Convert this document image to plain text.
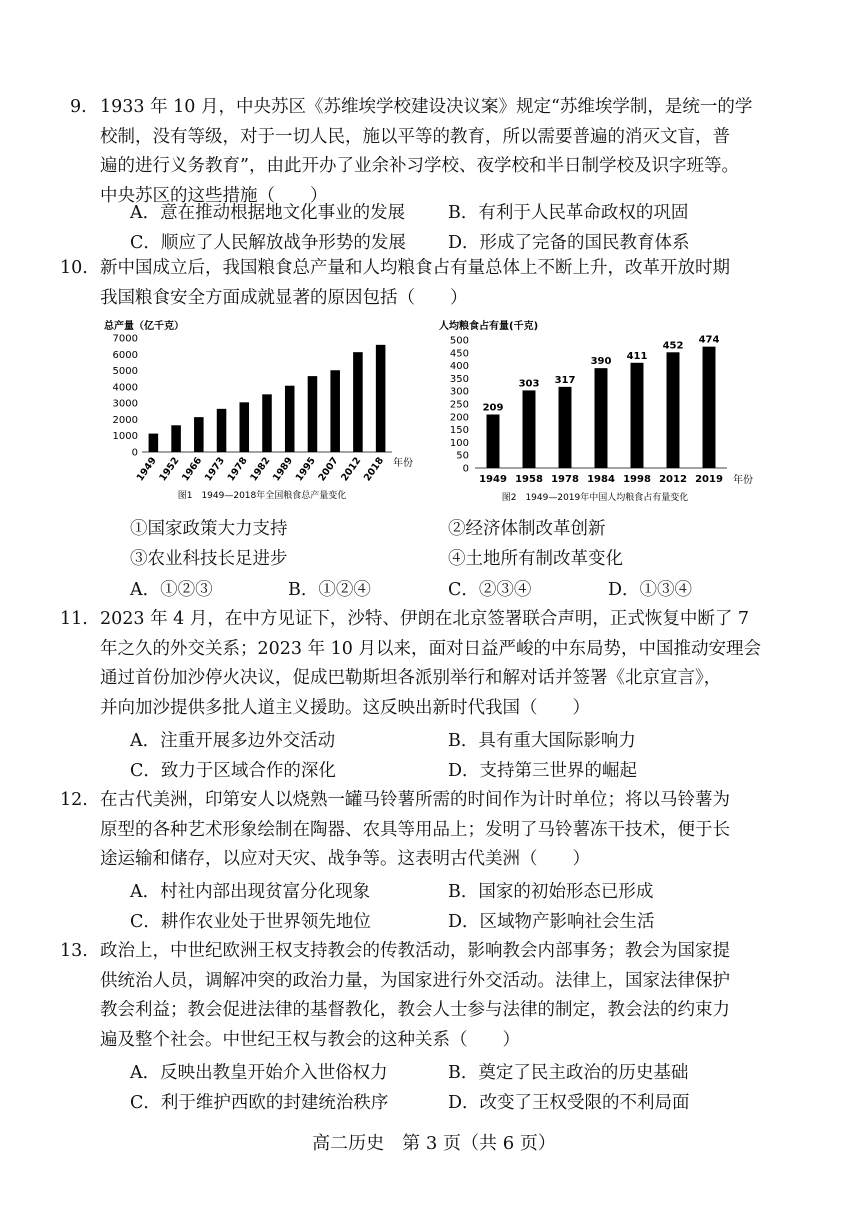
9. 1933 年 10 月，中央苏区《苏维埃学校建设决议案》规定“苏维埃学制，是统一的学
校制，没有等级，对于一切人民，施以平等的教育，所以需要普遍的消灭文盲，普
遍的进行义务教育”，由此开办了业余补习学校、夜学校和半日制学校及识字班等。
中央苏区的这些措施（　　）
A．意在推动根据地文化事业的发展 B．有利于人民革命政权的巩固
C．顺应了人民解放战争形势的发展 D．形成了完备的国民教育体系
10. 新中国成立后，我国粮食总产量和人均粮食占有量总体上不断上升，改革开放时期
我国粮食安全方面成就显著的原因包括（　　）
总产量（亿千克）
0
1000
2000
3000
4000
5000
6000
7000
1949
1952
1966
1973
1978
1982
1989
1995
2007
2012
2018 年份
图1　1949—2018年全国粮食总产量变化
人均粮食占有量(千克)
209
303 317
390 411
452
474
0
50
100
150
200
250
300
350
400
450
500
1949 1958 1978 1984 1998 2012 2019 年份
图2　1949—2019年中国人均粮食占有量变化
①国家政策大力支持	②经济体制改革创新
③农业科技长足进步	④土地所有制改革变化
A．①②③	B．①②④	C．②③④	D．①③④
11. 2023 年 4 月，在中方见证下，沙特、伊朗在北京签署联合声明，正式恢复中断了 7
年之久的外交关系；2023 年 10 月以来，面对日益严峻的中东局势，中国推动安理会
通过首份加沙停火决议，促成巴勒斯坦各派别举行和解对话并签署《北京宣言》，
并向加沙提供多批人道主义援助。这反映出新时代我国（　　）
A．注重开展多边外交活动	B．具有重大国际影响力
C．致力于区域合作的深化	D．支持第三世界的崛起
12. 在古代美洲，印第安人以烧熟一罐马铃薯所需的时间作为计时单位；将以马铃薯为
原型的各种艺术形象绘制在陶器、农具等用品上；发明了马铃薯冻干技术，便于长
途运输和储存，以应对天灾、战争等。这表明古代美洲（　　）
A．村社内部出现贫富分化现象	B．国家的初始形态已形成
C．耕作农业处于世界领先地位	D．区域物产影响社会生活
13. 政治上，中世纪欧洲王权支持教会的传教活动，影响教会内部事务；教会为国家提
供统治人员，调解冲突的政治力量，为国家进行外交活动。法律上，国家法律保护
教会利益；教会促进法律的基督教化，教会人士参与法律的制定，教会法的约束力
遍及整个社会。中世纪王权与教会的这种关系（　　）
A．反映出教皇开始介入世俗权力	B．奠定了民主政治的历史基础
C．利于维护西欧的封建统治秩序	D．改变了王权受限的不利局面
高二历史　第 3 页（共 6 页）
